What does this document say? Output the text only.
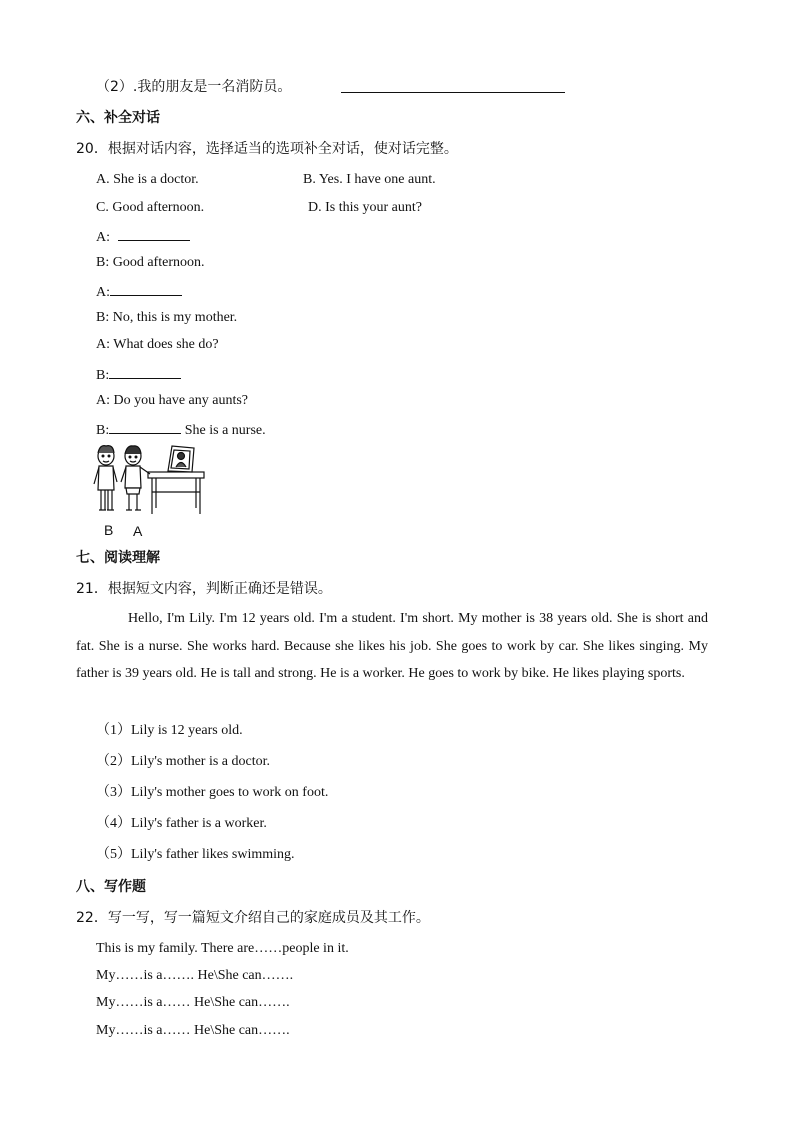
（2）.我的朋友是一名消防员。
六、补全对话
20．根据对话内容，选择适当的选项补全对话，使对话完整。
A. She is a doctor.	B. Yes. I have one aunt.
C. Good afternoon.	D. Is this your aunt?
A:
B: Good afternoon.
A:
B: No, this is my mother.
A: What does she do?
B:
A: Do you have any aunts?
B:	She is a nurse.
B A
七、阅读理解
21．根据短文内容，判断正确还是错误。
Hello, I'm Lily. I'm 12 years old. I'm a student. I'm short. My mother is 38 years old. She is short and fat. She is a nurse. She works hard. Because she likes his job. She goes to work by car. She likes singing. My father is 39 years old. He is tall and strong. He is a worker. He goes to work by bike. He likes playing sports.
（1）Lily is 12 years old.
（2）Lily's mother is a doctor.
（3）Lily's mother goes to work on foot.
（4）Lily's father is a worker.
（5）Lily's father likes swimming.
八、写作题
22．写一写，写一篇短文介绍自己的家庭成员及其工作。
This is my family. There are……people in it.
My……is a……. He\She can…….
My……is a…… He\She can…….
My……is a…… He\She can…….
